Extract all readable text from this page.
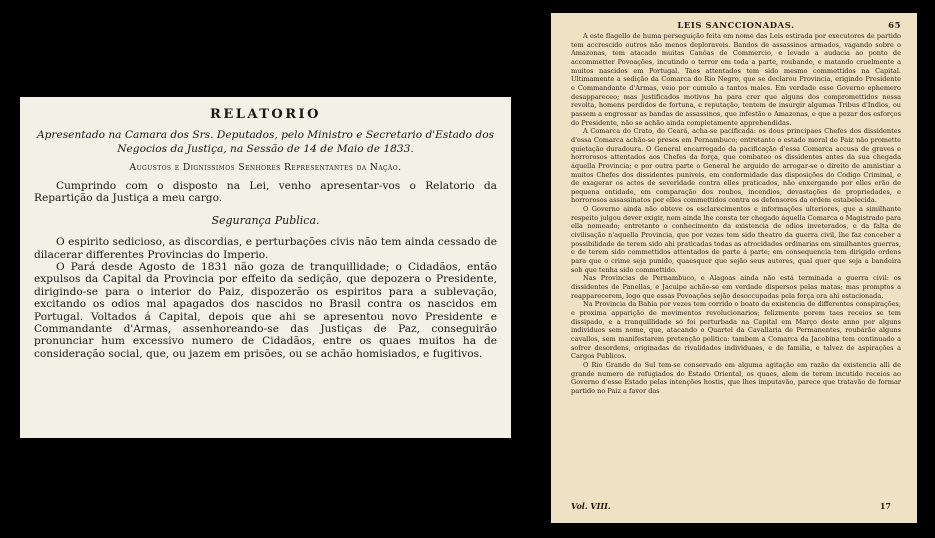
RELATORIO

Apresentado na Camara dos Srs. Deputados, pelo Ministro e Secretario d'Estado dos Negocios da Justiça, na Sessão de 14 de Maio de 1833.

Augustos e Dignissimos Senhores Representantes da Nação.

Cumprindo com o disposto na Lei, venho apresentar-vos o Relatorio da Repartição da Justiça a meu cargo.

Segurança Publica.

O espirito sedicioso, as discordias, e perturbações civis não tem ainda cessado de dilacerar differentes Provincias do Imperio.

O Pará desde Agosto de 1831 não goza de tranquillidade; o Cidadãos, então expulsos da Capital da Provincia por effeito da sedição, que depozera o Presidente, dirigindo-se para o interior do Paiz, dispozerão os espiritos para a sublevação, excitando os odios mal apagados dos nascidos no Brasil contra os nascidos em Portugal. Voltados á Capital, depois que ahi se apresentou novo Presidente e Commandante d'Armas, assenhoreando-se das Justiças de Paz, conseguirão pronunciar hum excessivo numero de Cidadãos, entre os quaes muitos ha de consideração social, que, ou jazem em prisões, ou se achão homisiados, e fugitivos.

LEIS SANCCIONADAS.	65

A este flagello de huma perseguição feita em nome das Leis estirada por executores de partido tem accrescido outros não menos deploraveis. Bandos de assassinos armados, vagando sobre o Amazonas, tem atacado muitas Canôas de Commercio, e levado a audacia ao ponto de accommetter Povoações, incutindo o terror em toda a parte, roubando, e matando cruelmente a muitos nascidos em Portugal. Taes attentados tem sido mesmo commettidos na Capital. Ultimamente a sedição da Comarca do Rio Negro, que se declarou Provincia, erigindo Presidente e Commandante d'Armas, veio por cumulo a tantos males. Em verdade esse Governo ephemero desappareceo; mas justificados motivos ha para crer que alguns dos compromettidos nessa revolta, homens perdidos de fortuna, e reputação, tentem de insurgir algumas Tribus d'Indios, ou passem a engrossar as bandas de assassinos, que infestão o Amazonas, e que a pezar dos esforços do Presidente, não se achão ainda completamente apprehendidas.

A Comarca do Crato, do Ceará, acha-se pacificada: os dous principaes Chefes dos dissidentes d'essa Comarca achão-se presos em Pernambuco; entretanto o estado moral do Paiz não promette quietação duradoura. O General encarregado da pacificação d'essa Comarca accusa de graves e horrorosos attentados aos Chefes da força, que combateo os dissidentes antes da sua chegada áquella Provincia; e por outra parte o General he arguido de arrogar-se o direito de amnistiar a muitos Chefes dos dissidentes puniveis, em conformidade das disposições do Codigo Criminal, e de exagerar os actos de severidade contra elles praticados, não enxergando por elles erão de pequena entidade, em comparação dos roubos, incendios, devastações de propriedades, e horrorosos assassinatos por elles commettidos contra os defensores da ordem estabelecida.

O Governo ainda não obteve os esclarecimentos e informações ulteriores, que a similhante respeito julgou dever exigir, nem ainda lhe consta ter chegado áquella Comarca o Magistrado para ella nomeado; entretanto o conhecimento da existencia de odios inveterados, e da falta de civilisação n'aquella Provincia, que por vezes tem sido theatro da guerra civil, lhe faz conceber a possibilidade de terem sido ahi praticadas todas as atrocidades ordinarias em similhantes guerras, e de terem sido commettidos attentados de parte á parte; em consequencia tem dirigido ordens para que o crime seja punido, quaesquer que sejão seus autores, qual quer que seja a bandeira sob que tenha sido commettido.

Nas Provincias de Pernambuco, e Alagoas ainda não está terminada a guerra civil: os dissidentes de Panellas, e Jacuipe achão-se em verdade dispersos pelas matas; mas promptos a reapparecerem, logo que essas Povoações sejão desoccupadas pela força ora ahi estacionada.

Na Provincia da Bahia por vezes tem corrido o boato da existencia de differentes conspirações, e proxima apparição de movimentos revolucionarios; felizmente porem taes receios se tem dissipado, e a tranquillidade só foi perturbada na Capital em Março deste anno por alguns individuos sem nome, que, atacando o Quartel da Cavallaria de Permanentes, roubárão alguns cavallos, sem manifestarem pretenção politica: tambem a Comarca da Jacobina tem continuado a sofrer desordens, originadas de rivalidades individuaes, e de familia, e talvez de aspirações a Cargos Publicos.

O Rio Grande do Sul tem-se conservado em alguma agitação em razão da existencia alli de grande numero de refugiados do Estado Oriental, os quaes, alem de terem incutido receios ao Governo d'esse Estado pelas intenções hostis, que lhes imputavão, parece que tratavão de formar partido no Paiz a favor das

Vol. VIII.	17
